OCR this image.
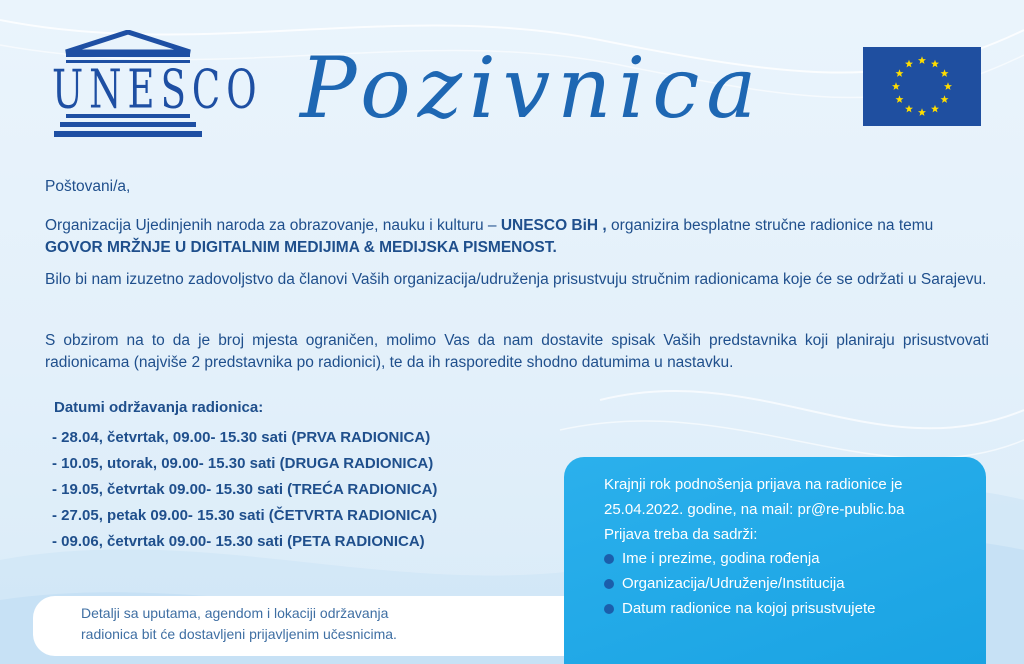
UNESCO Pozivnica

Poštovani/a,

Organizacija Ujedinjenih naroda za obrazovanje, nauku i kulturu – UNESCO BiH , organizira besplatne stručne radionice na temu
GOVOR MRŽNJE U DIGITALNIM MEDIJIMA & MEDIJSKA PISMENOST.

Bilo bi nam izuzetno zadovoljstvo da članovi Vaših organizacija/udruženja prisustvuju stručnim radionicama koje će se održati u Sarajevu.

S obzirom na to da je broj mjesta ograničen, molimo Vas da nam dostavite spisak Vaših predstavnika koji planiraju prisustvovati radionicama (najviše 2 predstavnika po radionici), te da ih rasporedite shodno datumima u nastavku.

Datumi održavanja radionica:
- 28.04, četvrtak, 09.00- 15.30 sati (PRVA RADIONICA)
- 10.05, utorak, 09.00- 15.30 sati (DRUGA RADIONICA)
- 19.05, četvrtak 09.00- 15.30 sati (TREĆA RADIONICA)
- 27.05, petak 09.00- 15.30 sati (ČETVRTA RADIONICA)
- 09.06, četvrtak 09.00- 15.30 sati (PETA RADIONICA)
Detalji sa uputama, agendom i lokaciji održavanja
radionica bit će dostavljeni prijavljenim učesnicima.
Krajnji rok podnošenja prijava na radionice je
25.04.2022. godine, na mail: pr@re-public.ba
Prijava treba da sadrži:
Ime i prezime, godina rođenja
Organizacija/Udruženje/Institucija
Datum radionice na kojoj prisustvujete
